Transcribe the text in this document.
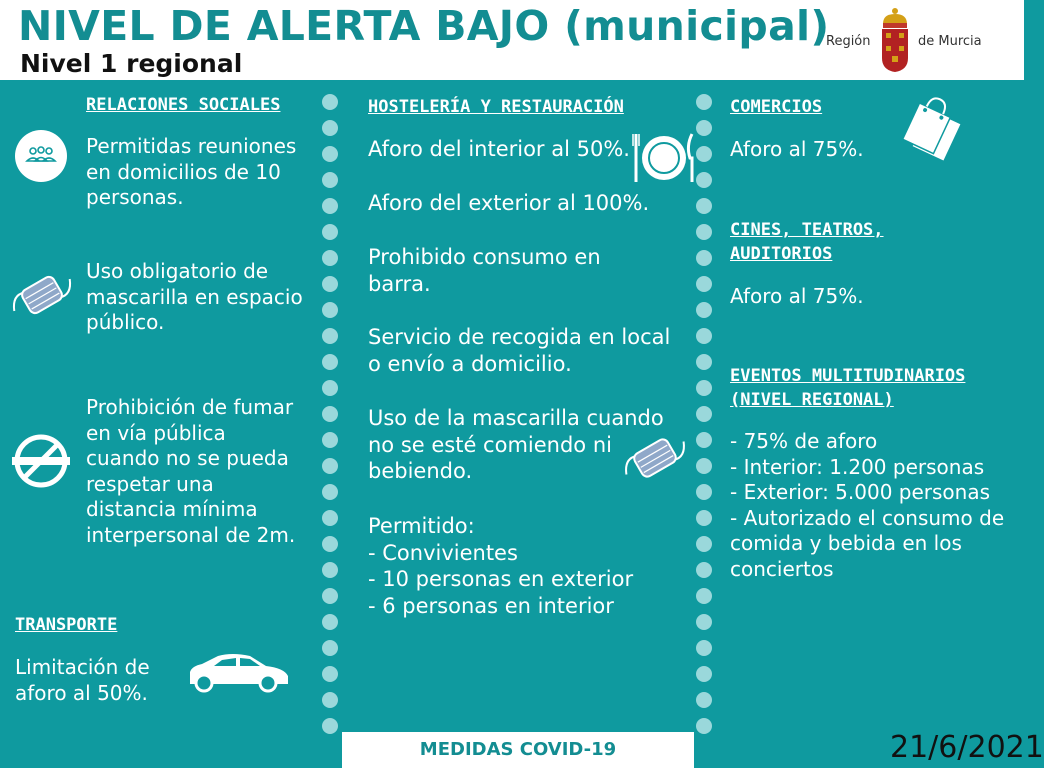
NIVEL DE ALERTA BAJO (municipal)
Nivel 1 regional
Región	de Murcia
RELACIONES SOCIALES
Permitidas reuniones
en domicilios de 10
personas.
Uso obligatorio de
mascarilla en espacio
público.
Prohibición de fumar
en vía pública
cuando no se pueda
respetar una
distancia mínima
interpersonal de 2m.
TRANSPORTE
Limitación de
aforo al 50%.
HOSTELERÍA Y RESTAURACIÓN
Aforo del interior al 50%.
Aforo del exterior al 100%.
Prohibido consumo en
barra.
Servicio de recogida en local
o envío a domicilio.
Uso de la mascarilla cuando
no se esté comiendo ni
bebiendo.
Permitido:
- Convivientes
- 10 personas en exterior
- 6 personas en interior
COMERCIOS
Aforo al 75%.
CINES, TEATROS,
AUDITORIOS
Aforo al 75%.
EVENTOS MULTITUDINARIOS
(NIVEL REGIONAL)
- 75% de aforo
- Interior: 1.200 personas
- Exterior: 5.000 personas
- Autorizado el consumo de
comida y bebida en los
conciertos
MEDIDAS COVID-19	21/6/2021
